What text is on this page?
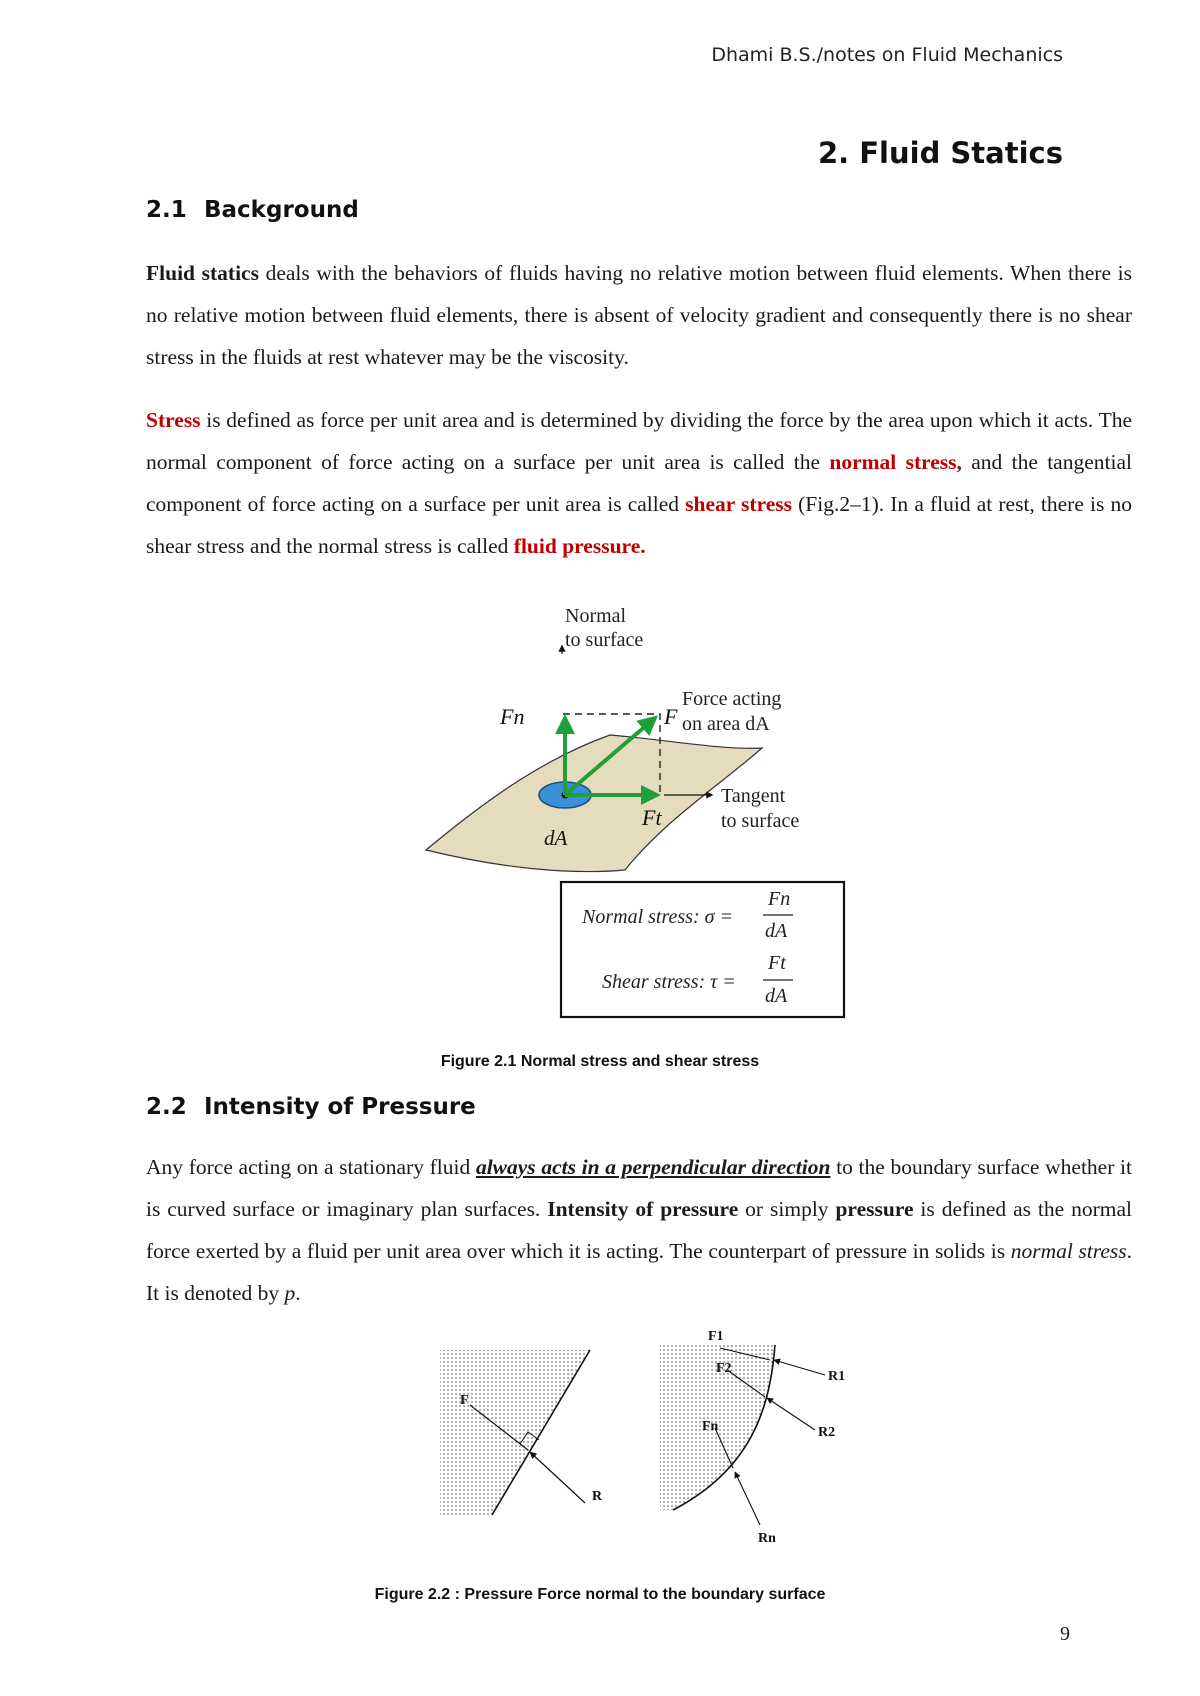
Dhami B.S./notes on Fluid Mechanics
2. Fluid Statics
2.1 Background
Fluid statics deals with the behaviors of fluids having no relative motion between fluid elements. When there is no relative motion between fluid elements, there is absent of velocity gradient and consequently there is no shear stress in the fluids at rest whatever may be the viscosity.
Stress is defined as force per unit area and is determined by dividing the force by the area upon which it acts. The normal component of force acting on a surface per unit area is called the normal stress, and the tangential component of force acting on a surface per unit area is called shear stress (Fig.2–1). In a fluid at rest, there is no shear stress and the normal stress is called fluid pressure.
Normal
to surface
Fn	F
Ft
dA
Force acting
on area dA
Tangent
to surface
Normal stress: σ =
Fn
dA
Shear stress: τ =
Ft
dA
Figure 2.1 Normal stress and shear stress
2.2 Intensity of Pressure
Any force acting on a stationary fluid always acts in a perpendicular direction to the boundary surface whether it is curved surface or imaginary plan surfaces. Intensity of pressure or simply pressure is defined as the normal force exerted by a fluid per unit area over which it is acting. The counterpart of pressure in solids is normal stress. It is denoted by p.
F
R
F1
F2
Fn
R1
R2
Rn
Figure 2.2 : Pressure Force normal to the boundary surface
9
